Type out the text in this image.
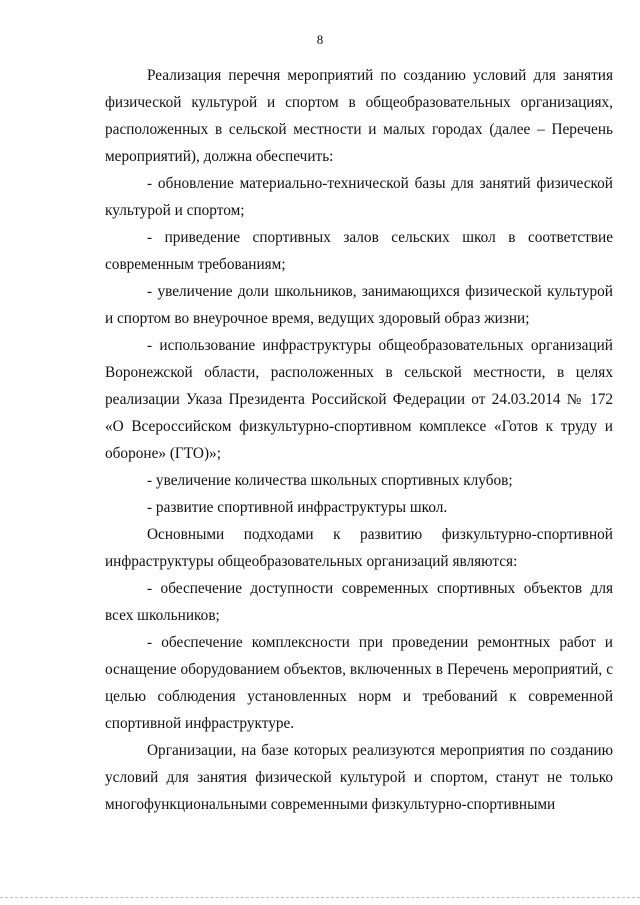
8

Реализация перечня мероприятий по созданию условий для занятия физической культурой и спортом в общеобразовательных организациях, расположенных в сельской местности и малых городах (далее – Перечень мероприятий), должна обеспечить:

- обновление материально-технической базы для занятий физической культурой и спортом;

- приведение спортивных залов сельских школ в соответствие современным требованиям;

- увеличение доли школьников, занимающихся физической культурой и спортом во внеурочное время, ведущих здоровый образ жизни;

- использование инфраструктуры общеобразовательных организаций Воронежской области, расположенных в сельской местности, в целях реализации Указа Президента Российской Федерации от 24.03.2014 № 172 «О Всероссийском физкультурно-спортивном комплексе «Готов к труду и обороне» (ГТО)»;

- увеличение количества школьных спортивных клубов;

- развитие спортивной инфраструктуры школ.

Основными подходами к развитию физкультурно-спортивной инфраструктуры общеобразовательных организаций являются:

- обеспечение доступности современных спортивных объектов для всех школьников;

- обеспечение комплексности при проведении ремонтных работ и оснащение оборудованием объектов, включенных в Перечень мероприятий, с целью соблюдения установленных норм и требований к современной спортивной инфраструктуре.

Организации, на базе которых реализуются мероприятия по созданию условий для занятия физической культурой и спортом, станут не только многофункциональными современными физкультурно-спортивными
